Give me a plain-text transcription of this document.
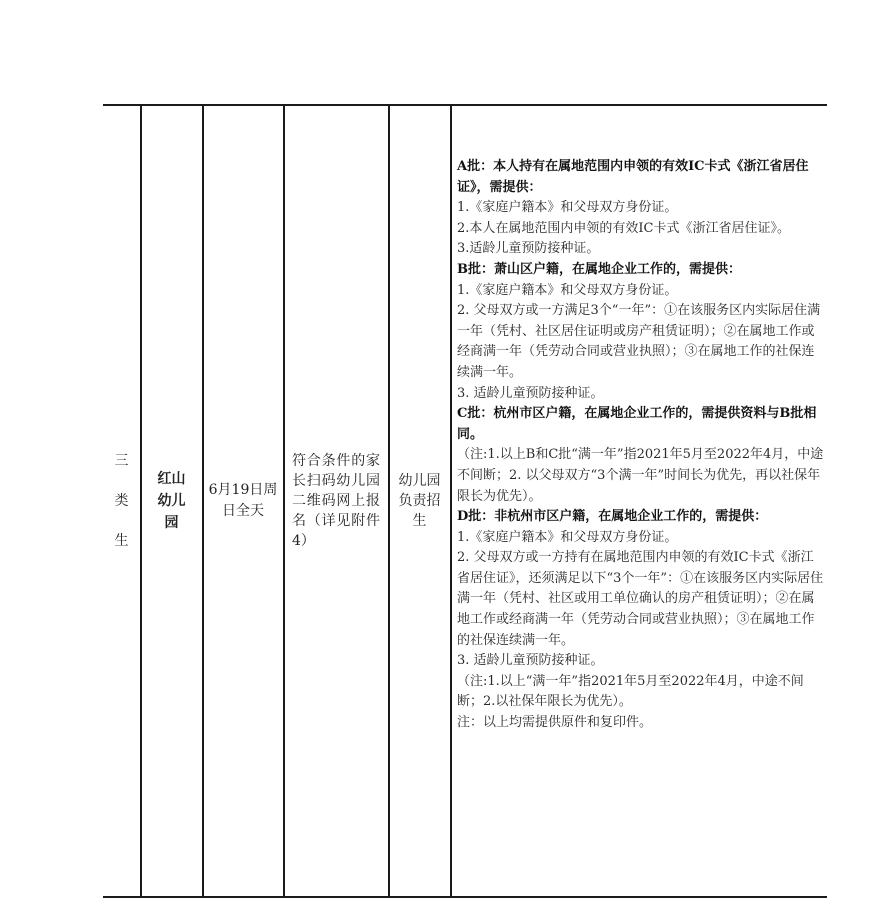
三
类
生
红山幼儿园
6月19日周日全天
符合条件的家长扫码幼儿园二维码网上报名（详见附件4）
幼儿园负责招生

A批：本人持有在属地范围内申领的有效IC卡式《浙江省居住证》，需提供：

1.《家庭户籍本》和父母双方身份证。

2.本人在属地范围内申领的有效IC卡式《浙江省居住证》。

3.适龄儿童预防接种证。

B批：萧山区户籍，在属地企业工作的，需提供：

1.《家庭户籍本》和父母双方身份证。

2. 父母双方或一方满足3个“一年”：①在该服务区内实际居住满一年（凭村、社区居住证明或房产租赁证明）；②在属地工作或经商满一年（凭劳动合同或营业执照）；③在属地工作的社保连续满一年。

3. 适龄儿童预防接种证。

C批：杭州市区户籍，在属地企业工作的，需提供资料与B批相同。

（注:1.以上B和C批“满一年”指2021年5月至2022年4月，中途不间断；2. 以父母双方“3个满一年”时间长为优先，再以社保年限长为优先）。

D批：非杭州市区户籍，在属地企业工作的，需提供：

1.《家庭户籍本》和父母双方身份证。

2. 父母双方或一方持有在属地范围内申领的有效IC卡式《浙江省居住证》，还须满足以下“3个一年”：①在该服务区内实际居住满一年（凭村、社区或用工单位确认的房产租赁证明）；②在属地工作或经商满一年（凭劳动合同或营业执照）；③在属地工作的社保连续满一年。

3. 适龄儿童预防接种证。

（注:1.以上“满一年”指2021年5月至2022年4月，中途不间断；2.以社保年限长为优先）。

注：以上均需提供原件和复印件。
